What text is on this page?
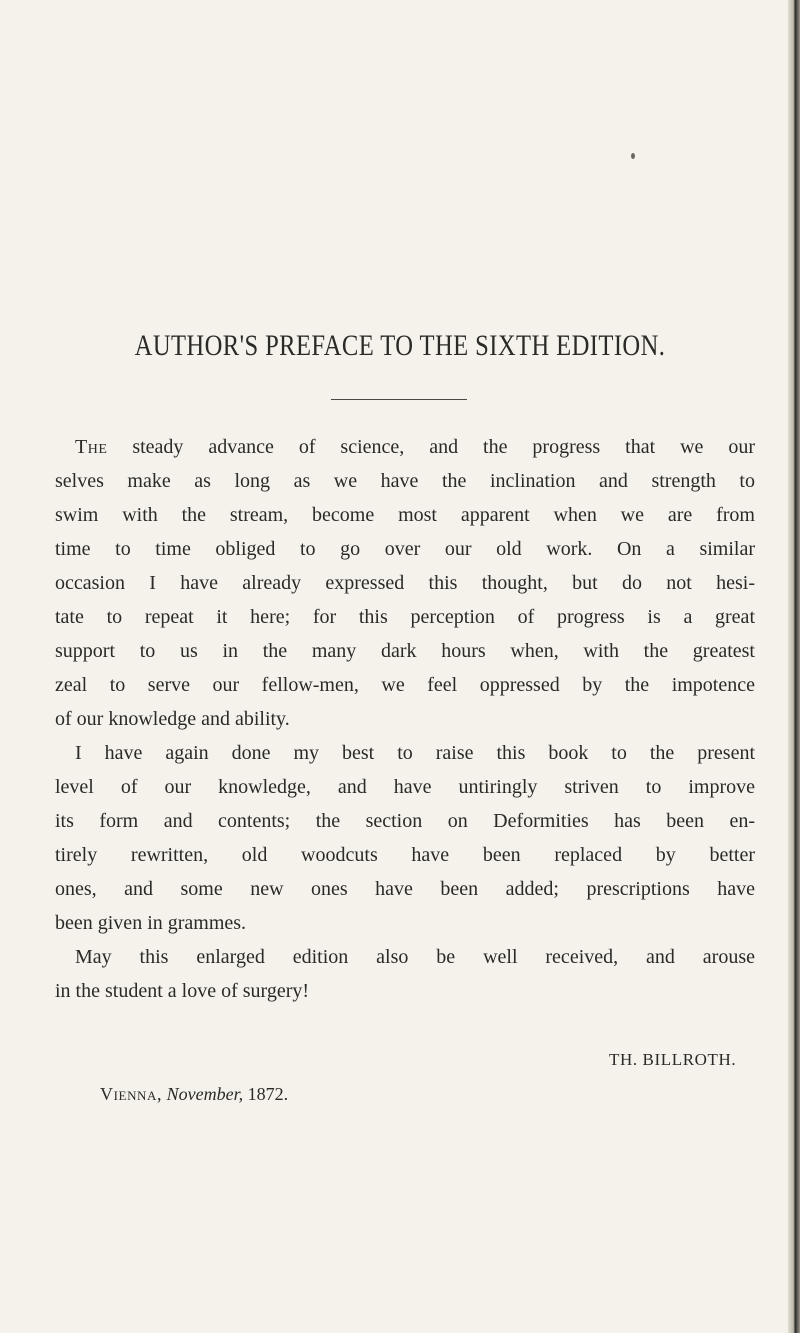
AUTHOR'S PREFACE TO THE SIXTH EDITION.
The steady advance of science, and the progress that we our
selves make as long as we have the inclination and strength to
swim with the stream, become most apparent when we are from
time to time obliged to go over our old work. On a similar
occasion I have already expressed this thought, but do not hesi-
tate to repeat it here; for this perception of progress is a great
support to us in the many dark hours when, with the greatest
zeal to serve our fellow-men, we feel oppressed by the impotence
of our knowledge and ability.
I have again done my best to raise this book to the present
level of our knowledge, and have untiringly striven to improve
its form and contents; the section on Deformities has been en-
tirely rewritten, old woodcuts have been replaced by better
ones, and some new ones have been added; prescriptions have
been given in grammes.
May this enlarged edition also be well received, and arouse
in the student a love of surgery!
TH. BILLROTH.
Vienna, November, 1872.
